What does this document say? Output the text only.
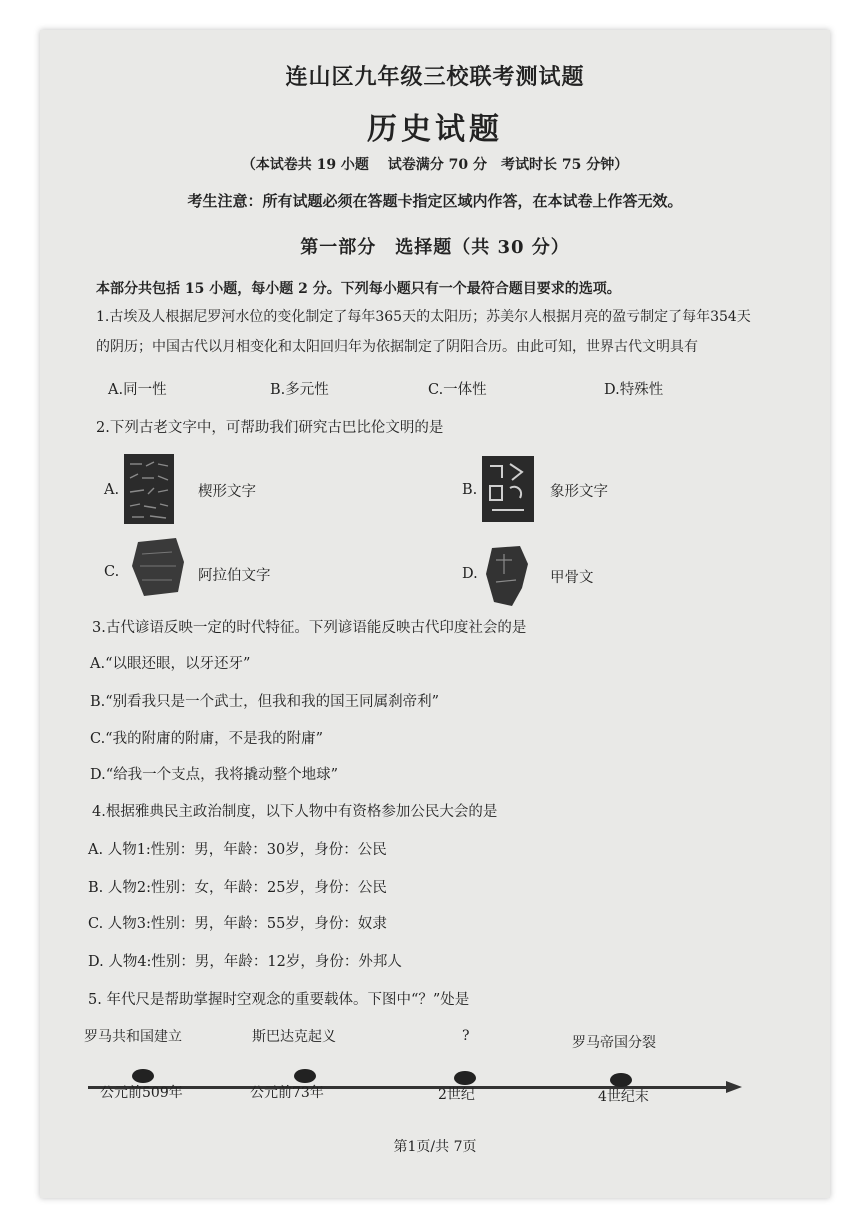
连山区九年级三校联考测试题
历史试题
（本试卷共 19 小题　 试卷满分 70 分　考试时长 75 分钟）
考生注意：所有试题必须在答题卡指定区域内作答，在本试卷上作答无效。
第一部分　选择题（共 30 分）
本部分共包括 15 小题，每小题 2 分。下列每小题只有一个最符合题目要求的选项。
1.古埃及人根据尼罗河水位的变化制定了每年365天的太阳历；苏美尔人根据月亮的盈亏制定了每年354天
的阴历；中国古代以月相变化和太阳回归年为依据制定了阴阳合历。由此可知，世界古代文明具有
A.同一性	B.多元性	C.一体性	D.特殊性
2.下列古老文字中，可帮助我们研究古巴比伦文明的是
A.	楔形文字	B.	象形文字
C.	阿拉伯文字	D.	甲骨文
3.古代谚语反映一定的时代特征。下列谚语能反映古代印度社会的是
A.“以眼还眼，以牙还牙”
B.“别看我只是一个武士，但我和我的国王同属刹帝利”
C.“我的附庸的附庸，不是我的附庸”
D.“给我一个支点，我将撬动整个地球”
4.根据雅典民主政治制度，以下人物中有资格参加公民大会的是
A. 人物1:性别：男，年龄：30岁，身份：公民
B. 人物2:性别：女，年龄：25岁，身份：公民
C. 人物3:性别：男，年龄：55岁，身份：奴隶
D. 人物4:性别：男，年龄：12岁，身份：外邦人
5. 年代尺是帮助掌握时空观念的重要载体。下图中“？”处是
罗马共和国建立	斯巴达克起义	?	罗马帝国分裂
公元前509年	公元前73年	2世纪	4世纪末
第1页/共 7页
